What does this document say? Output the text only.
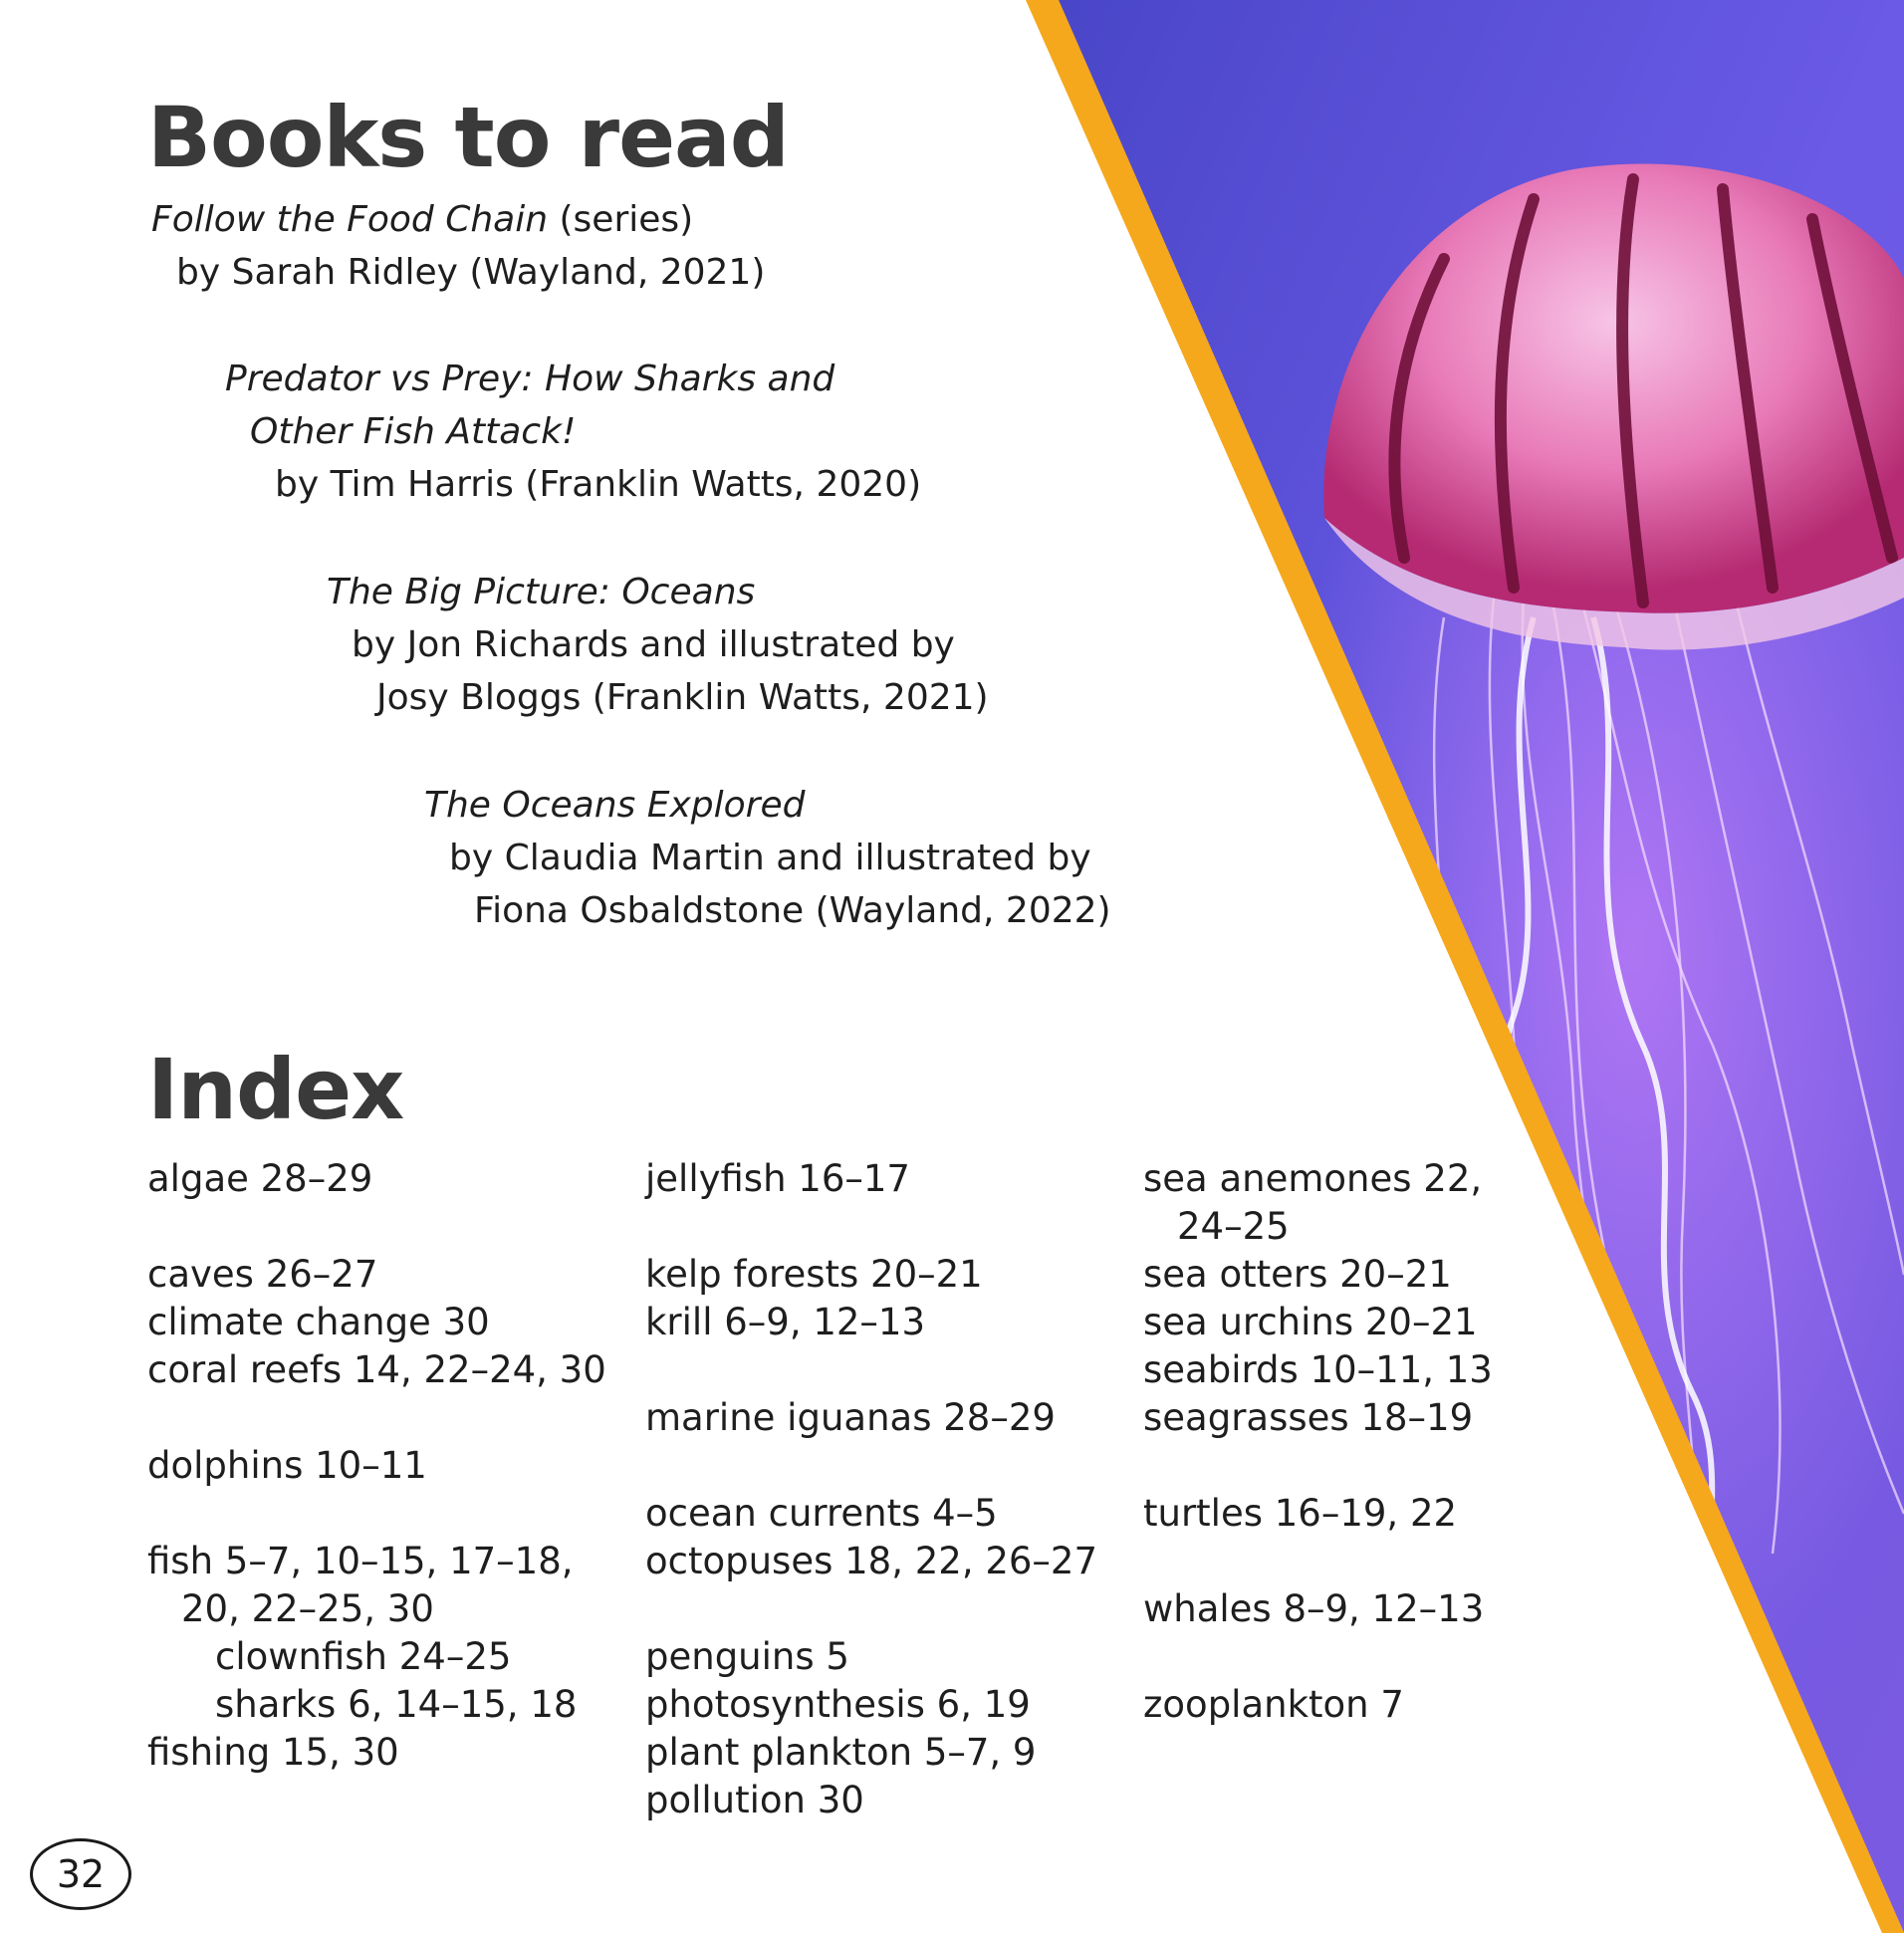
Books to read
Follow the Food Chain (series)
by Sarah Ridley (Wayland, 2021)
Predator vs Prey: How Sharks and
Other Fish Attack!
by Tim Harris (Franklin Watts, 2020)
The Big Picture: Oceans
by Jon Richards and illustrated by
Josy Bloggs (Franklin Watts, 2021)
The Oceans Explored
by Claudia Martin and illustrated by
Fiona Osbaldstone (Wayland, 2022)
Index
algae 28–29
caves 26–27
climate change 30
coral reefs 14, 22–24, 30
dolphins 10–11
fish 5–7, 10–15, 17–18,
20, 22–25, 30
clownfish 24–25
sharks 6, 14–15, 18
fishing 15, 30
jellyfish 16–17
kelp forests 20–21
krill 6–9, 12–13
marine iguanas 28–29
ocean currents 4–5
octopuses 18, 22, 26–27
penguins 5
photosynthesis 6, 19
plant plankton 5–7, 9
pollution 30
sea anemones 22,
24–25
sea otters 20–21
sea urchins 20–21
seabirds 10–11, 13
seagrasses 18–19
turtles 16–19, 22
whales 8–9, 12–13
zooplankton 7
32
